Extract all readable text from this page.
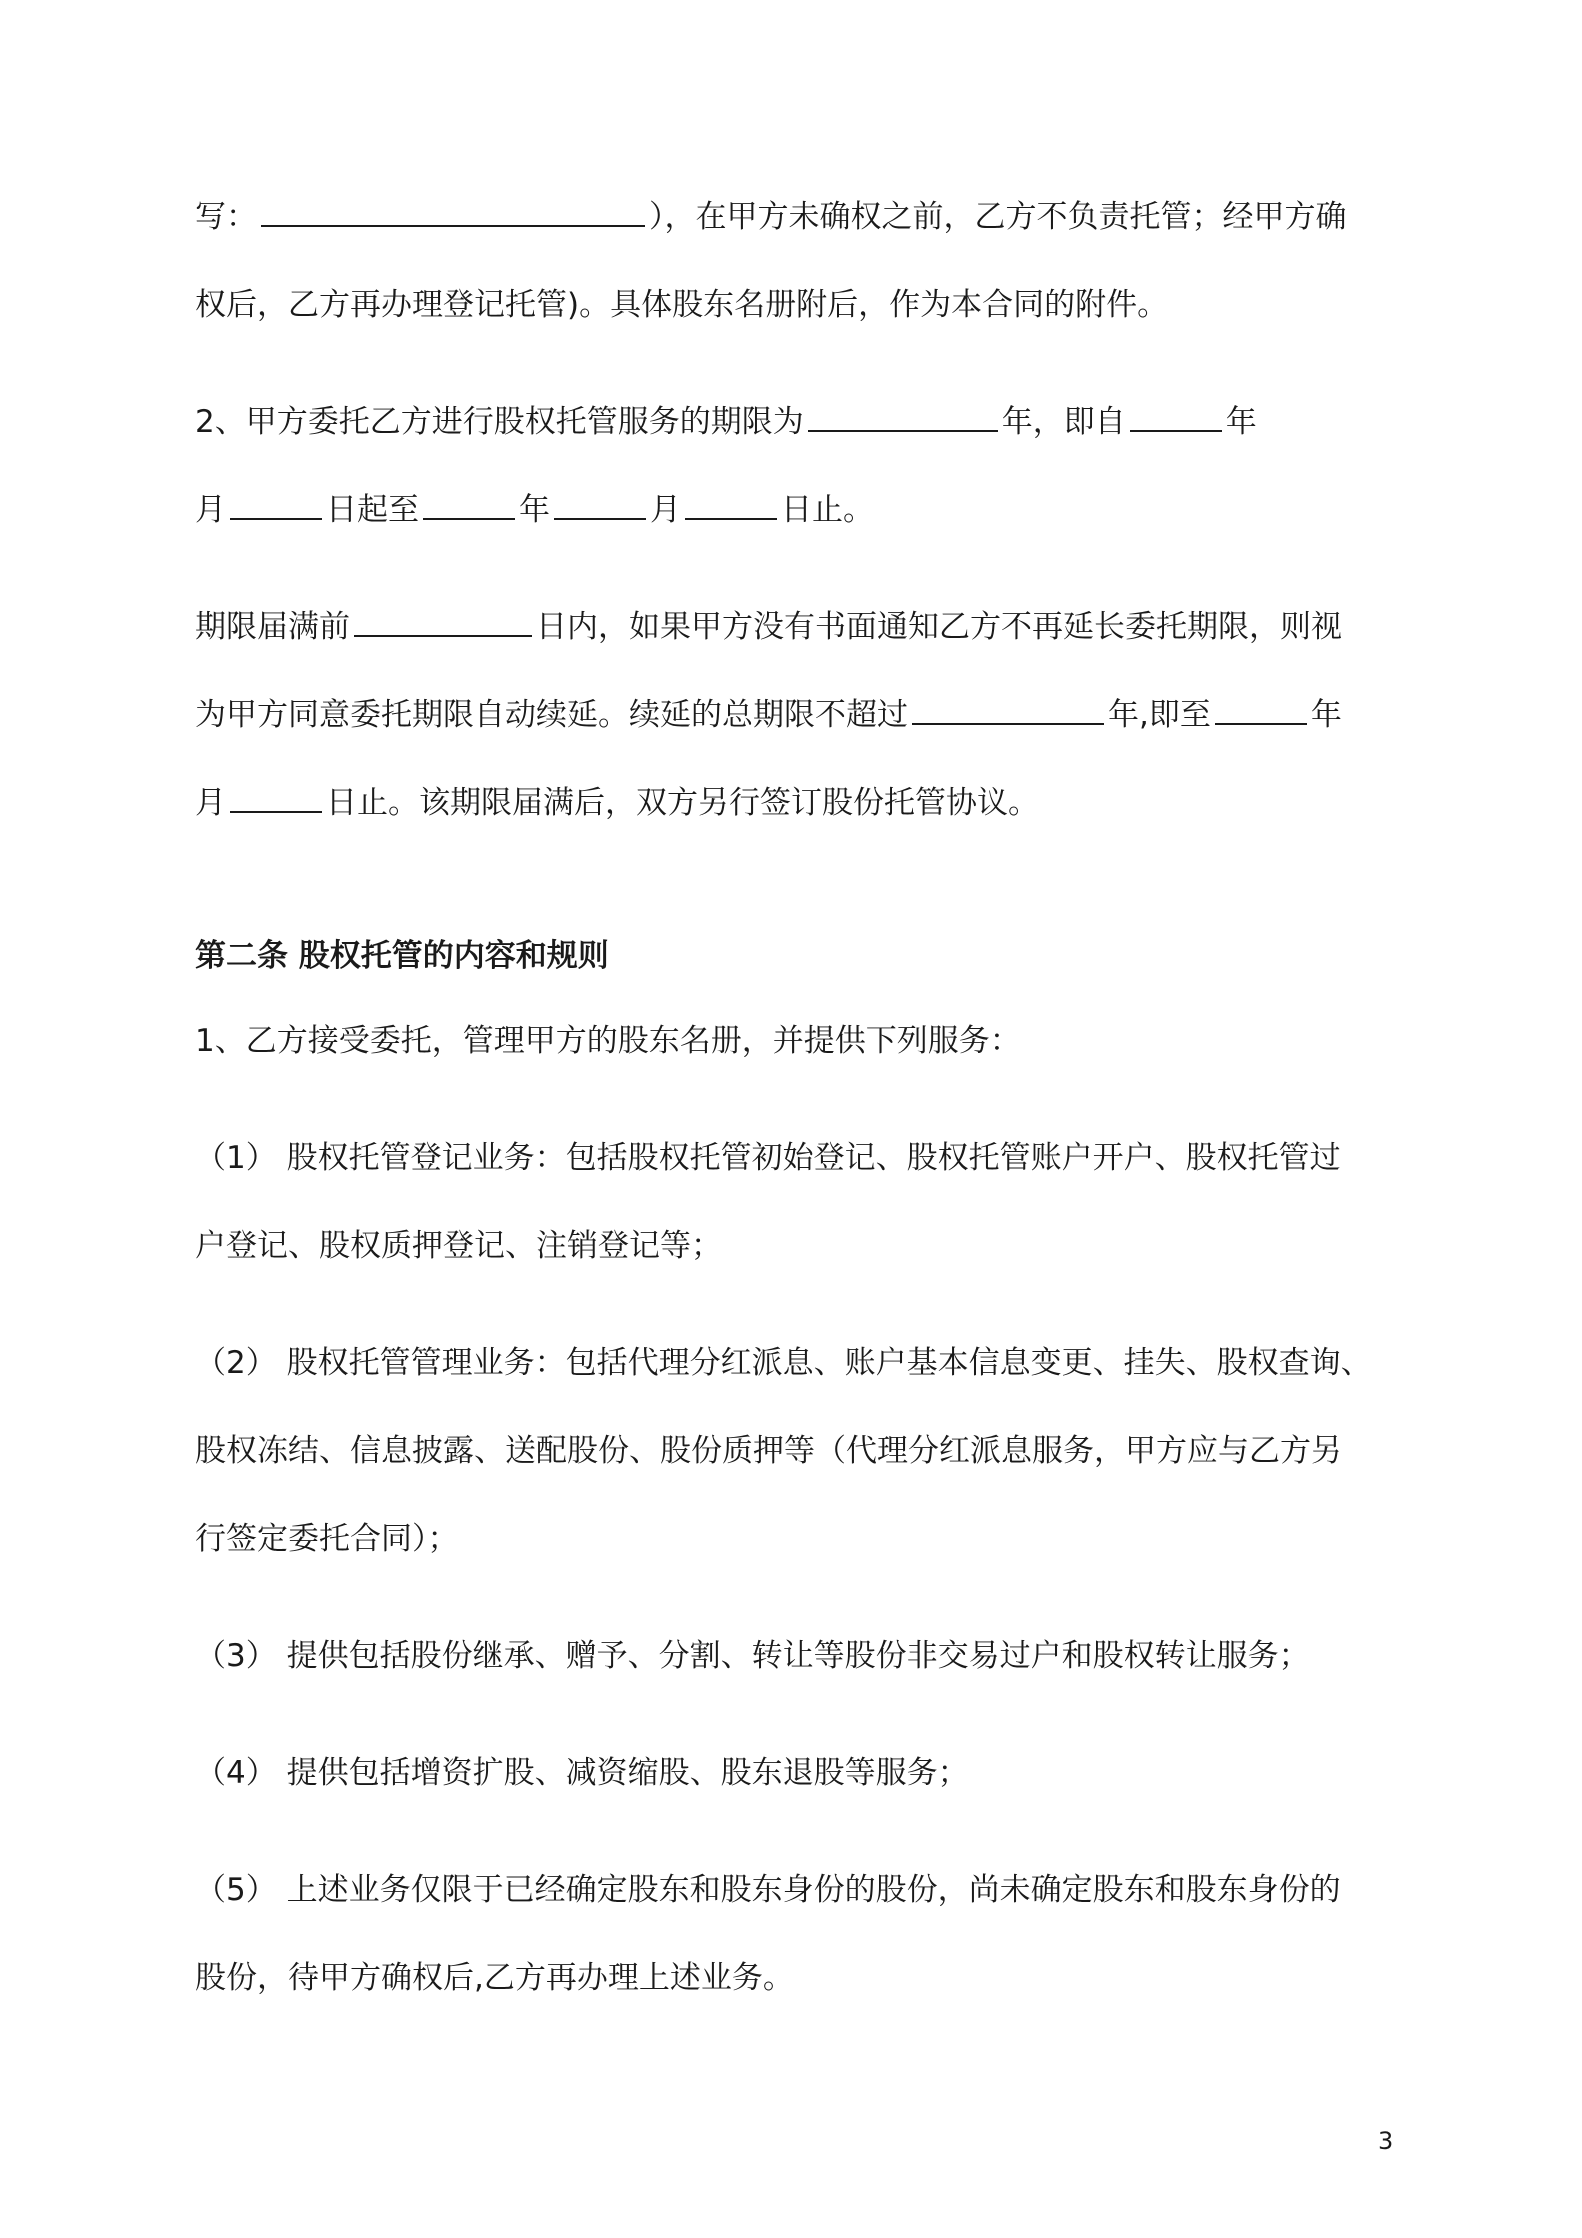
写：	），在甲方未确权之前，乙方不负责托管；经甲方确
权后，乙方再办理登记托管)。具体股东名册附后，作为本合同的附件。
2、甲方委托乙方进行股权托管服务的期限为	年，即自	年
月	日起至	年	月	日止。
期限届满前	日内，如果甲方没有书面通知乙方不再延长委托期限，则视
为甲方同意委托期限自动续延。续延的总期限不超过	年,即至	年
月	日止。该期限届满后，双方另行签订股份托管协议。
第二条 股权托管的内容和规则
1、乙方接受委托，管理甲方的股东名册，并提供下列服务：
（1） 股权托管登记业务：包括股权托管初始登记、股权托管账户开户、股权托管过
户登记、股权质押登记、注销登记等；
（2） 股权托管管理业务：包括代理分红派息、账户基本信息变更、挂失、股权查询、
股权冻结、信息披露、送配股份、股份质押等（代理分红派息服务，甲方应与乙方另
行签定委托合同）；
（3） 提供包括股份继承、赠予、分割、转让等股份非交易过户和股权转让服务；
（4） 提供包括增资扩股、减资缩股、股东退股等服务；
（5） 上述业务仅限于已经确定股东和股东身份的股份，尚未确定股东和股东身份的
股份，待甲方确权后,乙方再办理上述业务。
3
